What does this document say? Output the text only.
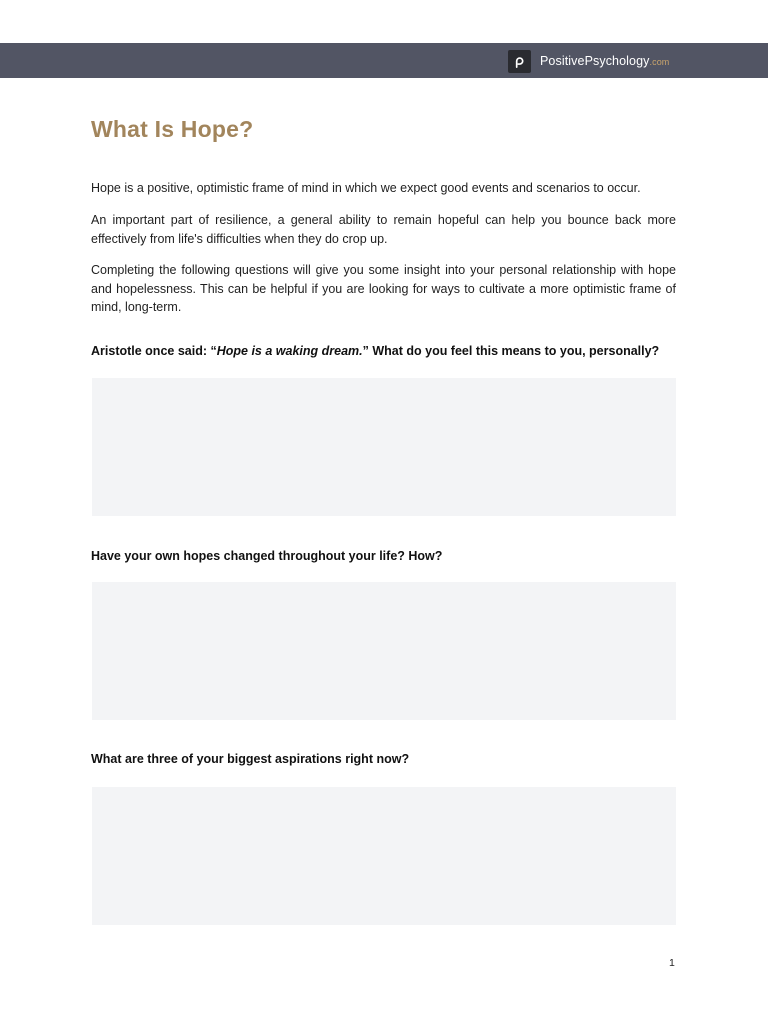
PositivePsychology.com
What Is Hope?

Hope is a positive, optimistic frame of mind in which we expect good events and scenarios to occur.

An important part of resilience, a general ability to remain hopeful can help you bounce back more effectively from life's difficulties when they do crop up.

Completing the following questions will give you some insight into your personal relationship with hope and hopelessness. This can be helpful if you are looking for ways to cultivate a more optimistic frame of mind, long-term.

Aristotle once said: “Hope is a waking dream.” What do you feel this means to you, personally?

Have your own hopes changed throughout your life? How?

What are three of your biggest aspirations right now?

1
